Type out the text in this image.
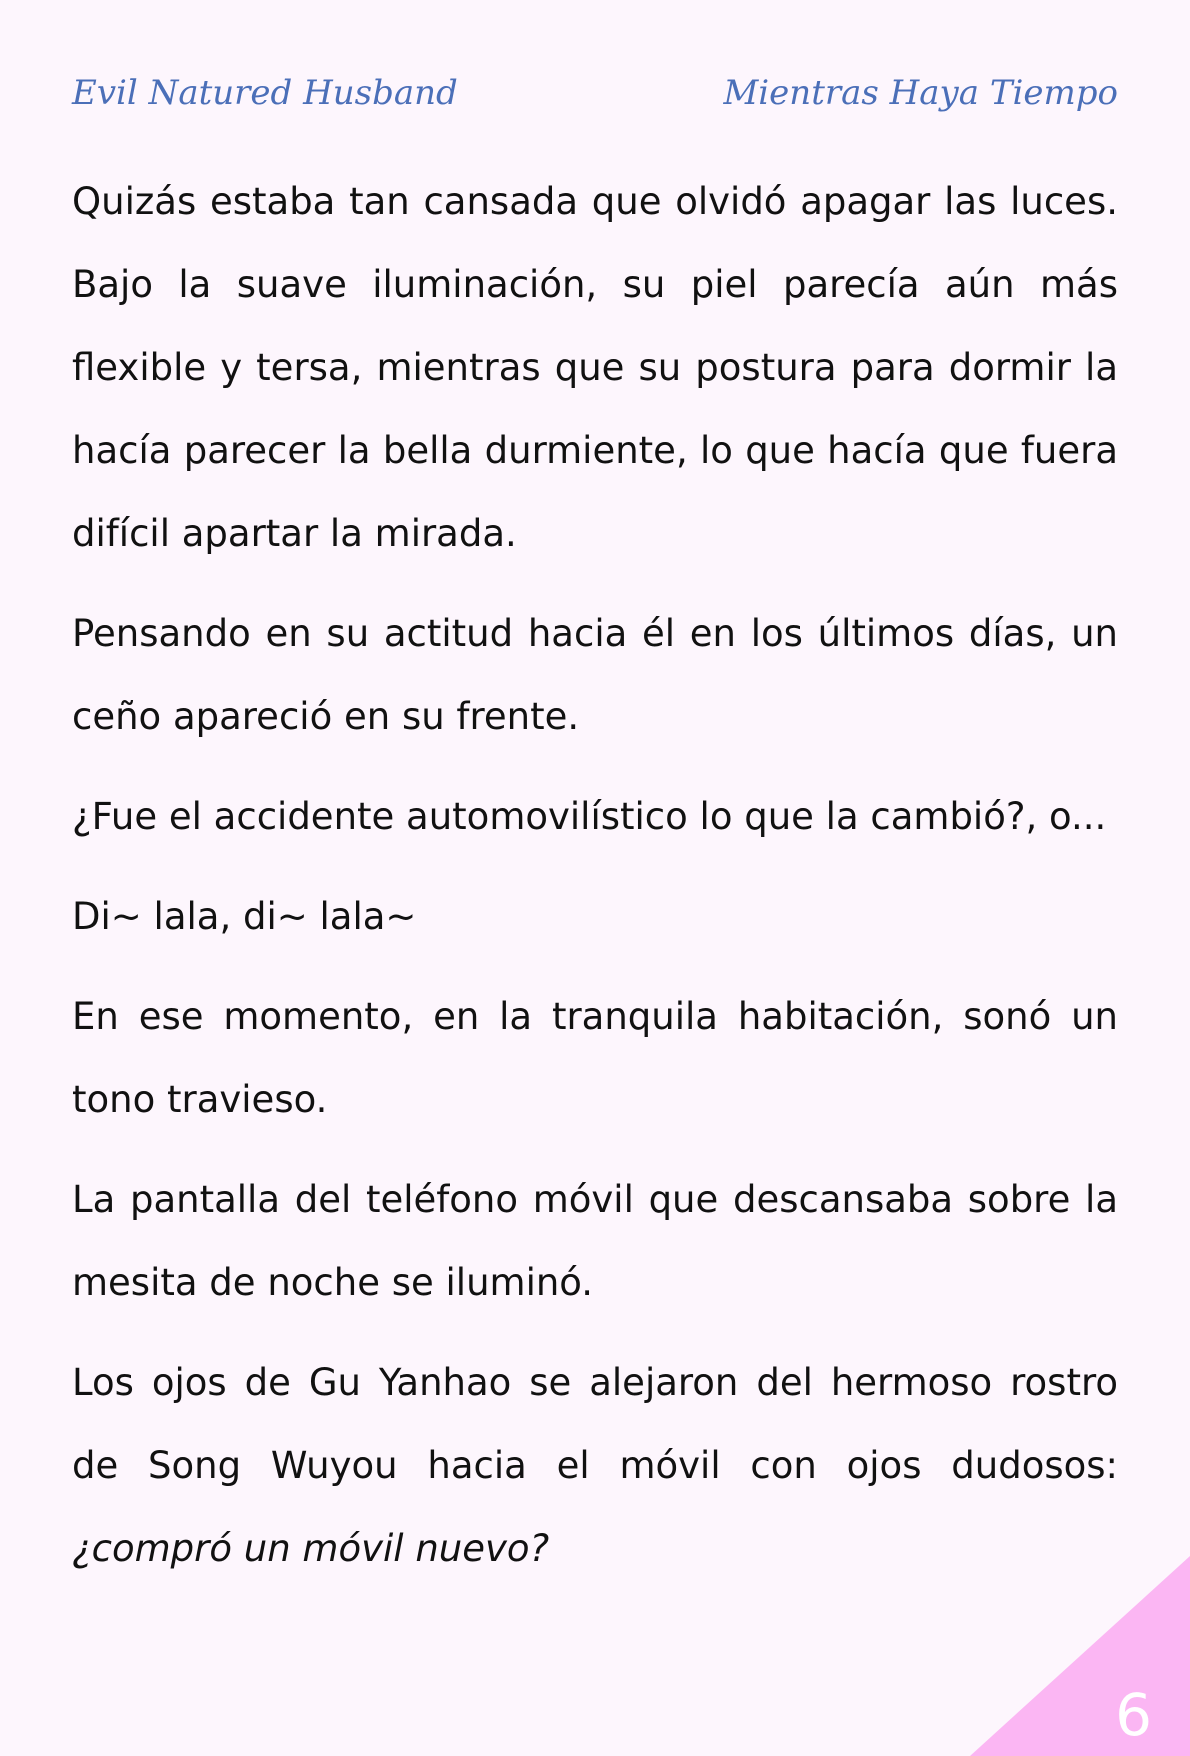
Evil Natured Husband	Mientras Haya Tiempo

Quizás estaba tan cansada que olvidó apagar las luces. Bajo la suave iluminación, su piel parecía aún más flexible y tersa, mientras que su postura para dormir la hacía parecer la bella durmiente, lo que hacía que fuera difícil apartar la mirada.

Pensando en su actitud hacia él en los últimos días, un ceño apareció en su frente.

¿Fue el accidente automovilístico lo que la cambió?, o...

Di~ lala, di~ lala~

En ese momento, en la tranquila habitación, sonó un tono travieso.

La pantalla del teléfono móvil que descansaba sobre la mesita de noche se iluminó.

Los ojos de Gu Yanhao se alejaron del hermoso rostro de Song Wuyou hacia el móvil con ojos dudosos: ¿compró un móvil nuevo?

6
